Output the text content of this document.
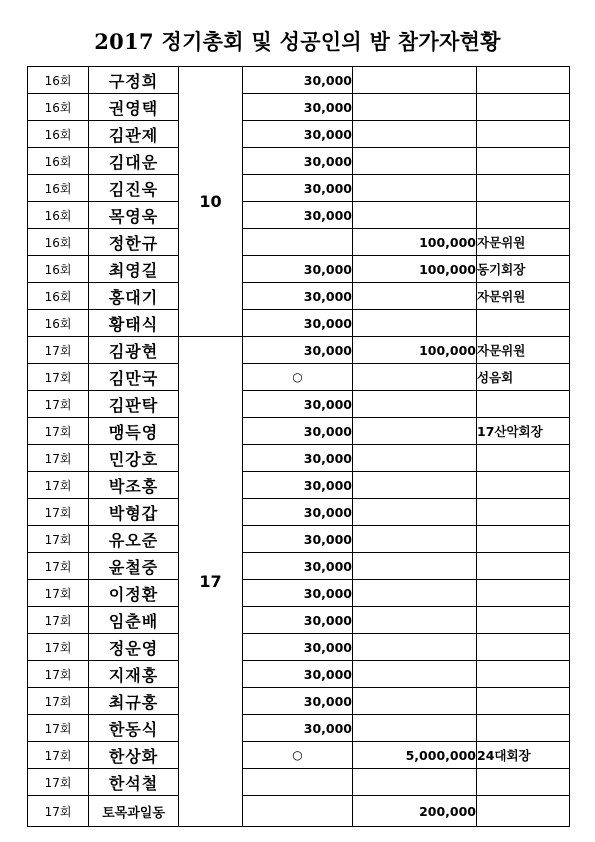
2017 정기총회 및 성공인의 밤 참가자현황
16회	구정희	10	30,000		
16회	권영택		30,000		
16회	김관제		30,000		
16회	김대운		30,000		
16회	김진욱		30,000		
16회	목영욱		30,000		
16회	정한규			100,000	자문위원
16회	최영길		30,000	100,000	동기회장
16회	홍대기		30,000		자문위원
16회	황태식		30,000		
17회	김광현	17	30,000	100,000	자문위원
17회	김만국		○		성음회
17회	김판탁		30,000		
17회	맹득영		30,000		17산악회장
17회	민강호		30,000		
17회	박조홍		30,000		
17회	박형갑		30,000		
17회	유오준		30,000		
17회	윤철중		30,000		
17회	이정환		30,000		
17회	임춘배		30,000		
17회	정운영		30,000		
17회	지재홍		30,000		
17회	최규홍		30,000		
17회	한동식		30,000		
17회	한상화		○	5,000,000	24대회장
17회	한석철				
17회	토목과일동			200,000	
